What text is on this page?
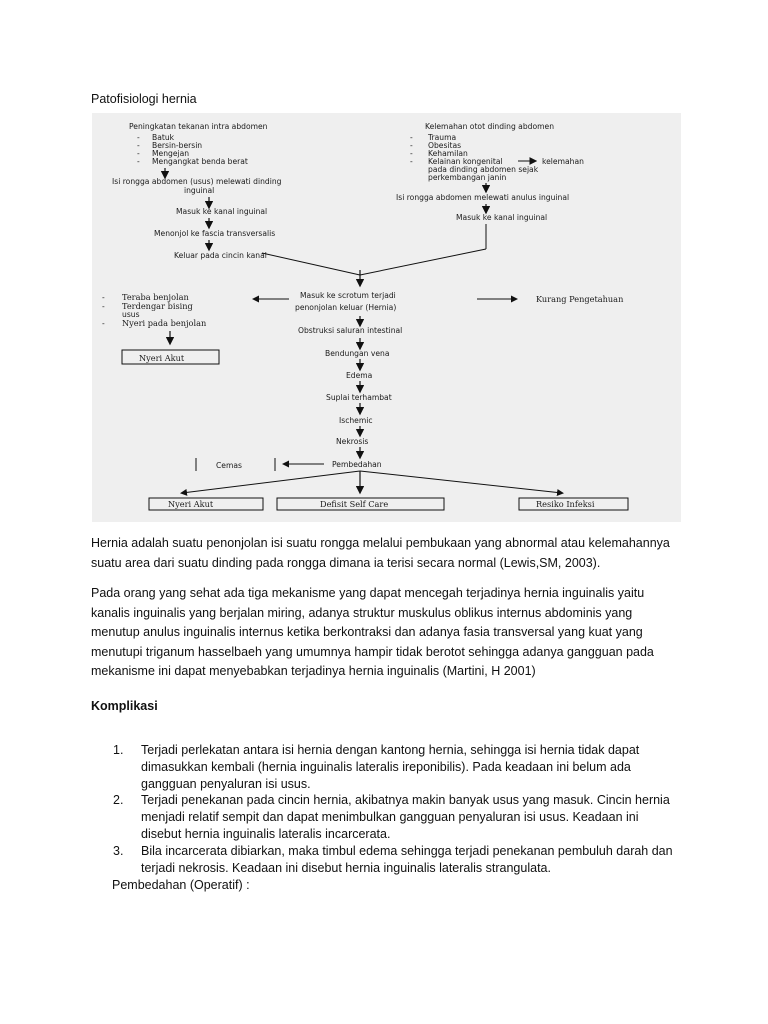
Patofisiologi hernia
Peningkatan tekanan intra abdomen
- Batuk
- Bersin-bersin
- Mengejan
- Mengangkat benda berat
Kelemahan otot dinding abdomen
- Trauma
- Obesitas
- Kehamilan
- Kelainan kongenital	kelemahan
pada dinding abdomen sejak
perkembangan janin
Isi rongga abdomen (usus) melewati dinding
inguinal
Masuk ke kanal inguinal
Menonjol ke fascia transversalis
Keluar pada cincin kanal
Isi rongga abdomen melewati anulus inguinal
Masuk ke kanal inguinal
Masuk ke scrotum terjadi
penonjolan keluar (Hernia)
Kurang Pengetahuan
- Teraba benjolan
- Terdengar bising
usus
- Nyeri pada benjolan
Nyeri Akut
Obstruksi saluran intestinal
Bendungan vena
Edema
Suplai terhambat
Ischemic
Nekrosis
Cemas	Pembedahan
Nyeri Akut	Defisit Self Care	Resiko Infeksi

Hernia adalah suatu penonjolan isi suatu rongga melalui pembukaan yang abnormal atau kelemahannya
suatu area dari suatu dinding pada rongga dimana ia terisi secara normal (Lewis,SM, 2003).

Pada orang yang sehat ada tiga mekanisme yang dapat mencegah terjadinya hernia inguinalis yaitu
kanalis inguinalis yang berjalan miring, adanya struktur muskulus oblikus internus abdominis yang
menutup anulus inguinalis internus ketika berkontraksi dan adanya fasia transversal yang kuat yang
menutupi triganum hasselbaeh yang umumnya hampir tidak berotot sehingga adanya gangguan pada
mekanisme ini dapat menyebabkan terjadinya hernia inguinalis (Martini, H 2001)

Komplikasi
1.	Terjadi perlekatan antara isi hernia dengan kantong hernia, sehingga isi hernia tidak dapat
dimasukkan kembali (hernia inguinalis lateralis ireponibilis). Pada keadaan ini belum ada
gangguan penyaluran isi usus.
2.	Terjadi penekanan pada cincin hernia, akibatnya makin banyak usus yang masuk. Cincin hernia
menjadi relatif sempit dan dapat menimbulkan gangguan penyaluran isi usus. Keadaan ini
disebut hernia inguinalis lateralis incarcerata.
3.	Bila incarcerata dibiarkan, maka timbul edema sehingga terjadi penekanan pembuluh darah dan
terjadi nekrosis. Keadaan ini disebut hernia inguinalis lateralis strangulata.

Pembedahan (Operatif) :
